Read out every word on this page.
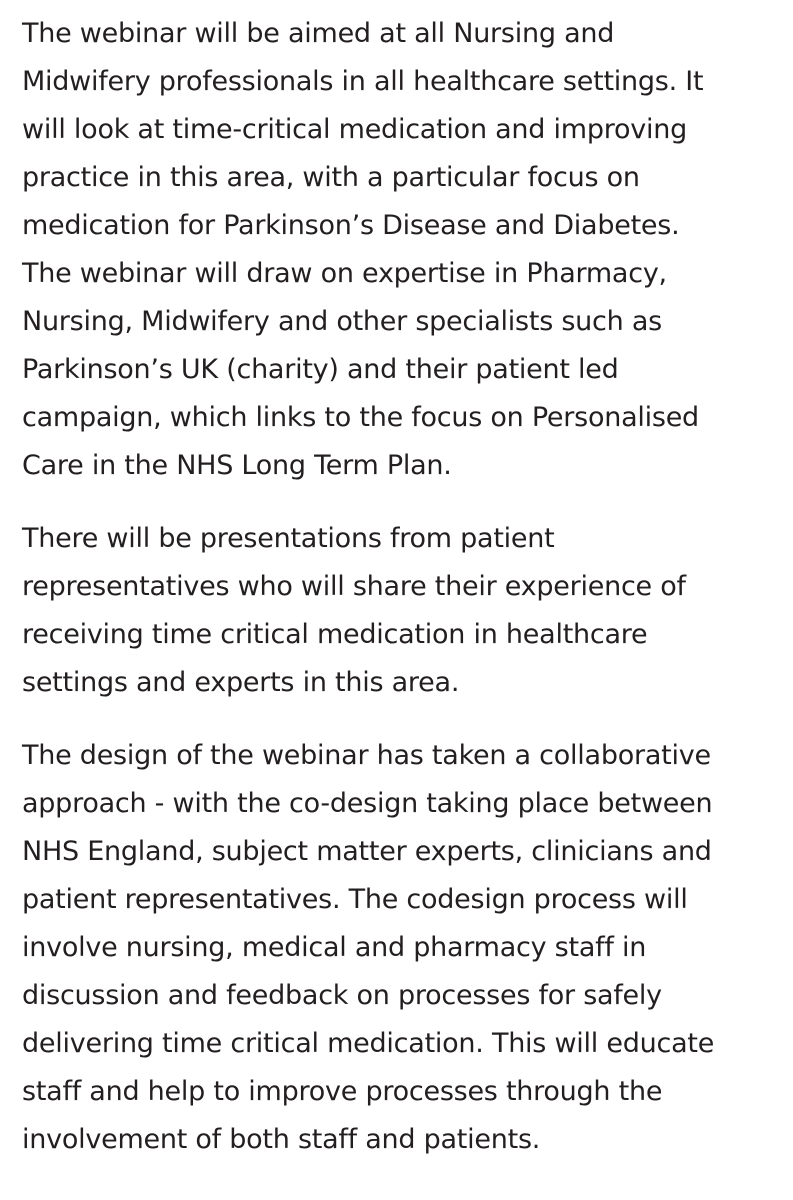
The webinar will be aimed at all Nursing and
Midwifery professionals in all healthcare settings. It
will look at time-critical medication and improving
practice in this area, with a particular focus on
medication for Parkinson’s Disease and Diabetes.
The webinar will draw on expertise in Pharmacy,
Nursing, Midwifery and other specialists such as
Parkinson’s UK (charity) and their patient led
campaign, which links to the focus on Personalised
Care in the NHS Long Term Plan.

There will be presentations from patient
representatives who will share their experience of
receiving time critical medication in healthcare
settings and experts in this area.

The design of the webinar has taken a collaborative
approach - with the co-design taking place between
NHS England, subject matter experts, clinicians and
patient representatives. The codesign process will
involve nursing, medical and pharmacy staff in
discussion and feedback on processes for safely
delivering time critical medication. This will educate
staff and help to improve processes through the
involvement of both staff and patients.
